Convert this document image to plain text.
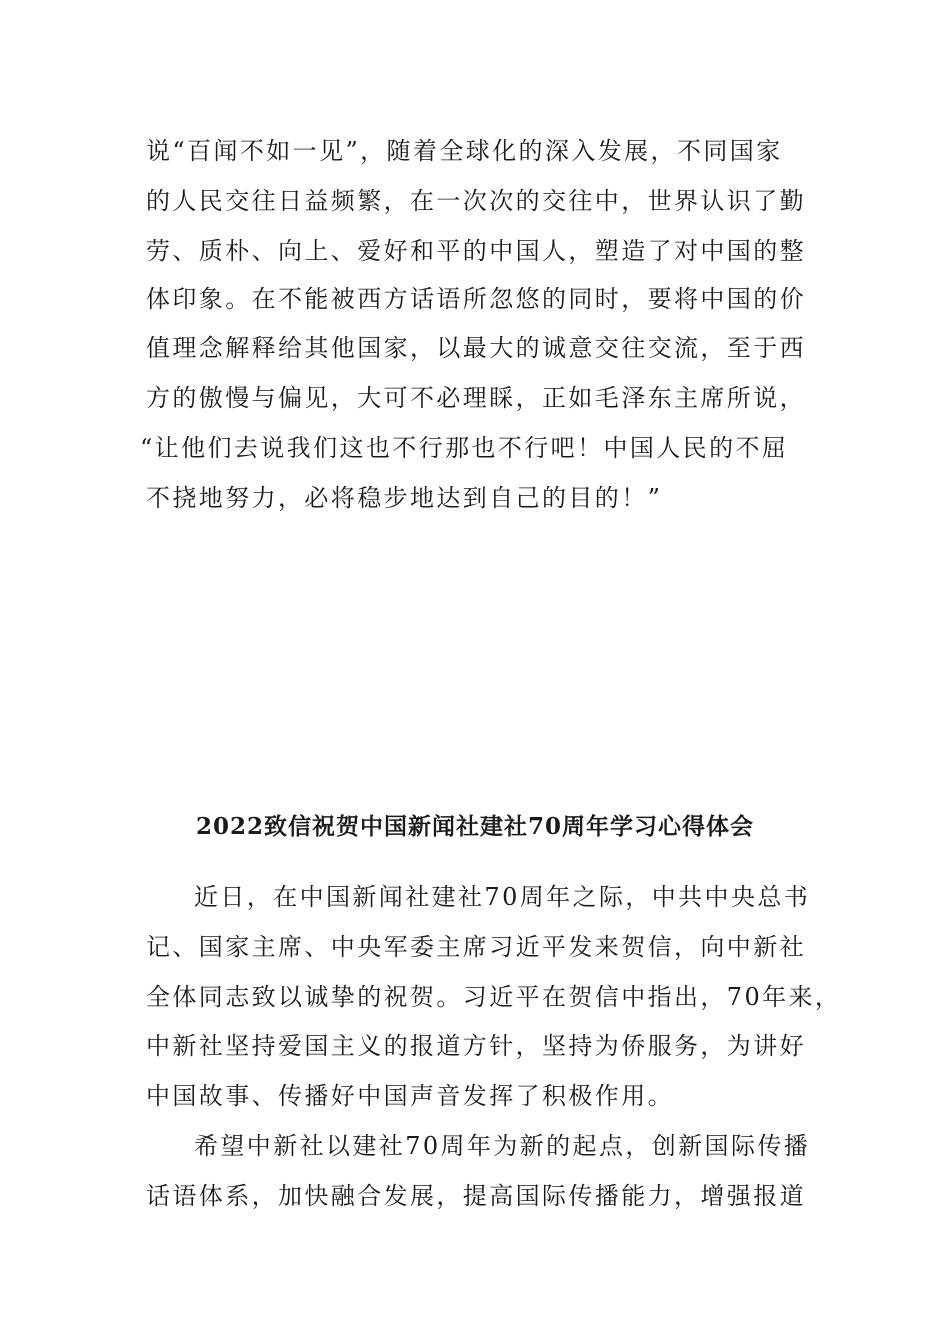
说“百闻不如一见”，随着全球化的深入发展，不同国家
的人民交往日益频繁，在一次次的交往中，世界认识了勤
劳、质朴、向上、爱好和平的中国人，塑造了对中国的整
体印象。在不能被西方话语所忽悠的同时，要将中国的价
值理念解释给其他国家，以最大的诚意交往交流，至于西
方的傲慢与偏见，大可不必理睬，正如毛泽东主席所说，
“让他们去说我们这也不行那也不行吧！中国人民的不屈
不挠地努力，必将稳步地达到自己的目的！”
2022致信祝贺中国新闻社建社70周年学习心得体会
近日，在中国新闻社建社70周年之际，中共中央总书
记、国家主席、中央军委主席习近平发来贺信，向中新社
全体同志致以诚挚的祝贺。习近平在贺信中指出，70年来，
中新社坚持爱国主义的报道方针，坚持为侨服务，为讲好
中国故事、传播好中国声音发挥了积极作用。
希望中新社以建社70周年为新的起点，创新国际传播
话语体系，加快融合发展，提高国际传播能力，增强报道
